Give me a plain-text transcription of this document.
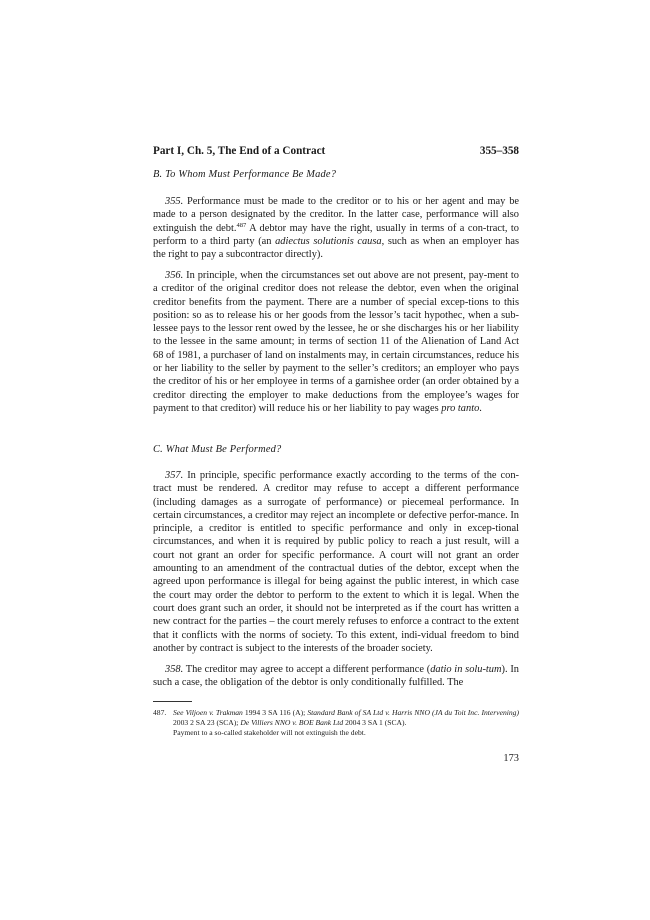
Part I, Ch. 5, The End of a Contract	355–358
B. To Whom Must Performance Be Made?

355. Performance must be made to the creditor or to his or her agent and may be made to a person designated by the creditor. In the latter case, performance will also extinguish the debt.$^{487}$ A debtor may have the right, usually in terms of a con-tract, to perform to a third party (an adiectus solutionis causa, such as when an employer has the right to pay a subcontractor directly).

356. In principle, when the circumstances set out above are not present, pay-ment to a creditor of the original creditor does not release the debtor, even when the original creditor benefits from the payment. There are a number of special excep-tions to this position: so as to release his or her goods from the lessor’s tacit hypothec, when a sub-lessee pays to the lessor rent owed by the lessee, he or she discharges his or her liability to the lessee in the same amount; in terms of section 11 of the Alienation of Land Act 68 of 1981, a purchaser of land on instalments may, in certain circumstances, reduce his or her liability to the seller by payment to the seller’s creditors; an employer who pays the creditor of his or her employee in terms of a garnishee order (an order obtained by a creditor directing the employer to make deductions from the employee’s wages for payment to that creditor) will reduce his or her liability to pay wages pro tanto.

C. What Must Be Performed?

357. In principle, specific performance exactly according to the terms of the con-tract must be rendered. A creditor may refuse to accept a different performance (including damages as a surrogate of performance) or piecemeal performance. In certain circumstances, a creditor may reject an incomplete or defective perfor-mance. In principle, a creditor is entitled to specific performance and only in excep-tional circumstances, and when it is required by public policy to reach a just result, will a court not grant an order for specific performance. A court will not grant an order amounting to an amendment of the contractual duties of the debtor, except when the agreed upon performance is illegal for being against the public interest, in which case the court may order the debtor to perform to the extent to which it is legal. When the court does grant such an order, it should not be interpreted as if the court has written a new contract for the parties – the court merely refuses to enforce a contract to the extent that it conflicts with the norms of society. To this extent, indi-vidual freedom to bind another by contract is subject to the interests of the broader society.

358. The creditor may agree to accept a different performance (datio in solu-tum). In such a case, the obligation of the debtor is only conditionally fulfilled. The

487. See Viljoen v. Trakman 1994 3 SA 116 (A); Standard Bank of SA Ltd v. Harris NNO (JA du Toit Inc. Intervening) 2003 2 SA 23 (SCA); De Villiers NNO v. BOE Bank Ltd 2004 3 SA 1 (SCA).
Payment to a so-called stakeholder will not extinguish the debt.
173
